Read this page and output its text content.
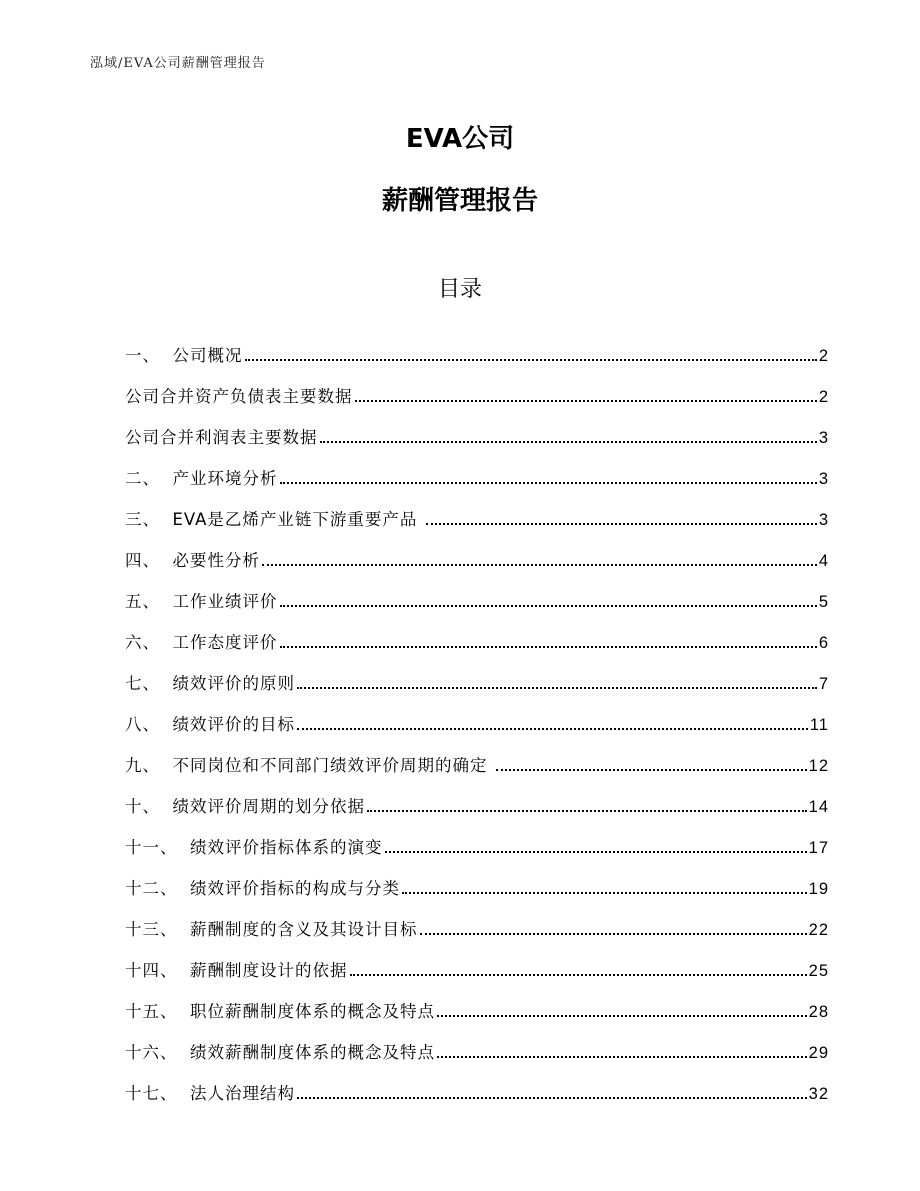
泓域/EVA公司薪酬管理报告
EVA公司
薪酬管理报告
目录
一、  公司概况	2
公司合并资产负债表主要数据	2
公司合并利润表主要数据	3
二、  产业环境分析	3
三、  EVA是乙烯产业链下游重要产品	3
四、  必要性分析	4
五、  工作业绩评价	5
六、  工作态度评价	6
七、  绩效评价的原则	7
八、  绩效评价的目标	11
九、  不同岗位和不同部门绩效评价周期的确定	12
十、  绩效评价周期的划分依据	14
十一、  绩效评价指标体系的演变	17
十二、  绩效评价指标的构成与分类	19
十三、  薪酬制度的含义及其设计目标	22
十四、  薪酬制度设计的依据	25
十五、  职位薪酬制度体系的概念及特点	28
十六、  绩效薪酬制度体系的概念及特点	29
十七、  法人治理结构	32
